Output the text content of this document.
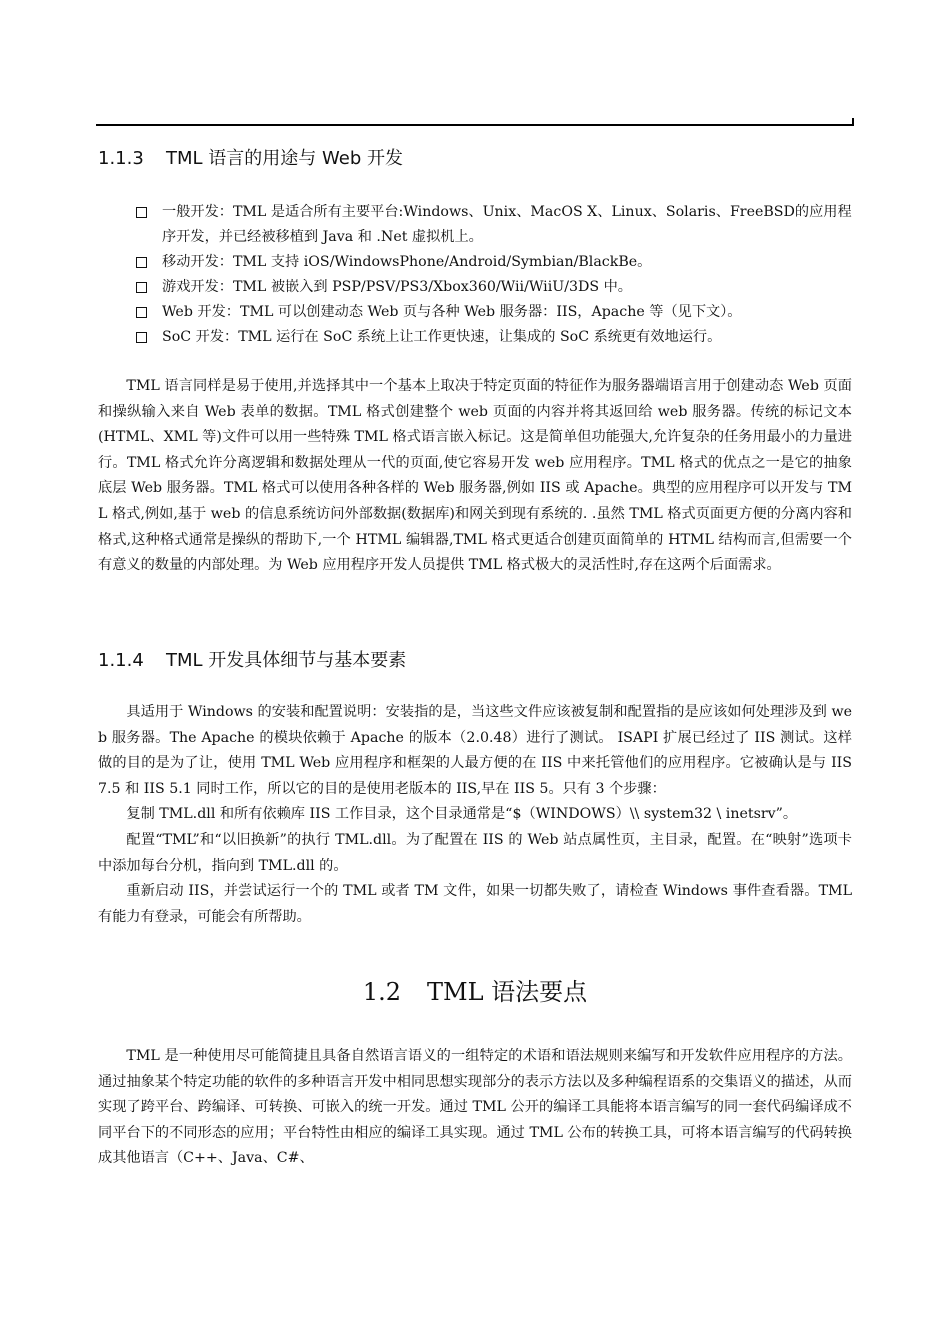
1.1.3 TML 语言的用途与 Web 开发
一般开发：TML 是适合所有主要平台:Windows、Unix、MacOS X、Linux、Solaris、FreeBSD的应用程序开发，并已经被移植到 Java 和 .Net 虚拟机上。
移动开发：TML 支持 iOS/WindowsPhone/Android/Symbian/BlackBe。
游戏开发：TML 被嵌入到 PSP/PSV/PS3/Xbox360/Wii/WiiU/3DS 中。
Web 开发：TML 可以创建动态 Web 页与各种 Web 服务器：IIS，Apache 等（见下文）。
SoC 开发：TML 运行在 SoC 系统上让工作更快速，让集成的 SoC 系统更有效地运行。

TML 语言同样是易于使用,并选择其中一个基本上取决于特定页面的特征作为服务器端语言用于创建动态 Web 页面和操纵输入来自 Web 表单的数据。TML 格式创建整个 web 页面的内容并将其返回给 web 服务器。传统的标记文本(HTML、XML 等)文件可以用一些特殊 TML 格式语言嵌入标记。这是简单但功能强大,允许复杂的任务用最小的力量进行。TML 格式允许分离逻辑和数据处理从一代的页面,使它容易开发 web 应用程序。TML 格式的优点之一是它的抽象底层 Web 服务器。TML 格式可以使用各种各样的 Web 服务器,例如 IIS 或 Apache。典型的应用程序可以开发与 TML 格式,例如,基于 web 的信息系统访问外部数据(数据库)和网关到现有系统的. .虽然 TML 格式页面更方便的分离内容和格式,这种格式通常是操纵的帮助下,一个 HTML 编辑器,TML 格式更适合创建页面简单的 HTML 结构而言,但需要一个有意义的数量的内部处理。为 Web 应用程序开发人员提供 TML 格式极大的灵活性时,存在这两个后面需求。

1.1.4 TML 开发具体细节与基本要素

具适用于 Windows 的安装和配置说明：安装指的是，当这些文件应该被复制和配置指的是应该如何处理涉及到 web 服务器。The Apache 的模块依赖于 Apache 的版本（2.0.48）进行了测试。 ISAPI 扩展已经过了 IIS 测试。这样做的目的是为了让，使用 TML Web 应用程序和框架的人最方便的在 IIS 中来托管他们的应用程序。它被确认是与 IIS 7.5 和 IIS 5.1 同时工作，所以它的目的是使用老版本的 IIS,早在 IIS 5。只有 3 个步骤：

复制 TML.dll 和所有依赖库 IIS 工作目录，这个目录通常是“$（WINDOWS）\\ system32 \ inetsrv”。

配置“TML”和“以旧换新”的执行 TML.dll。为了配置在 IIS 的 Web 站点属性页，主目录，配置。在“映射”选项卡中添加每台分机，指向到 TML.dll 的。

重新启动 IIS，并尝试运行一个的 TML 或者 TM 文件，如果一切都失败了，请检查 Windows 事件查看器。TML 有能力有登录，可能会有所帮助。

1.2 TML 语法要点

TML 是一种使用尽可能简捷且具备自然语言语义的一组特定的术语和语法规则来编写和开发软件应用程序的方法。通过抽象某个特定功能的软件的多种语言开发中相同思想实现部分的表示方法以及多种编程语系的交集语义的描述，从而实现了跨平台、跨编译、可转换、可嵌入的统一开发。通过 TML 公开的编译工具能将本语言编写的同一套代码编译成不同平台下的不同形态的应用；平台特性由相应的编译工具实现。通过 TML 公布的转换工具，可将本语言编写的代码转换成其他语言（C++、Java、C#、
